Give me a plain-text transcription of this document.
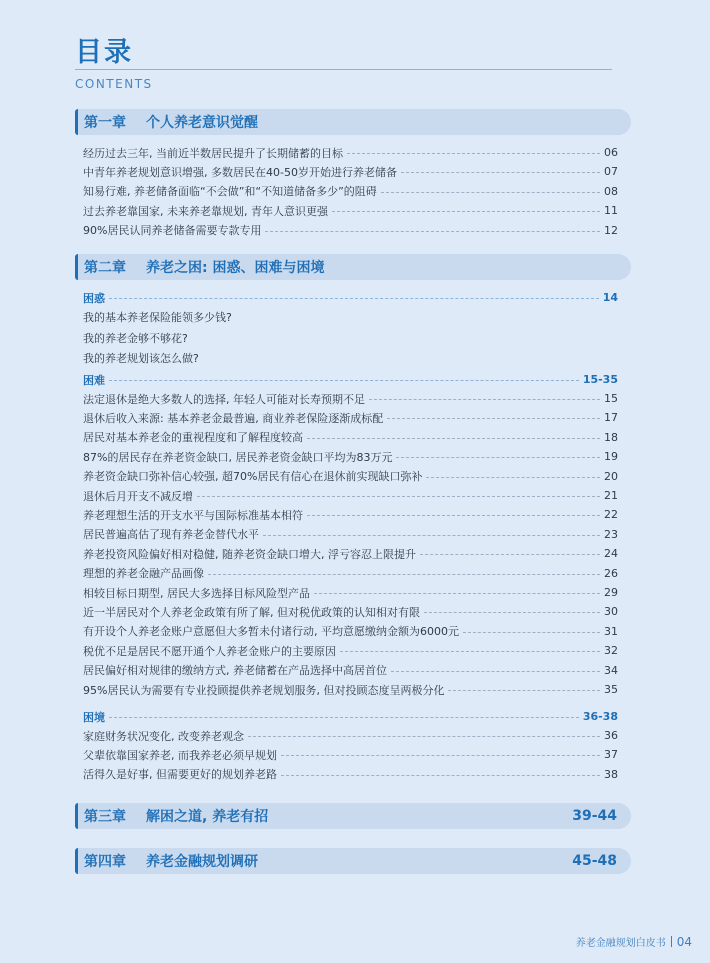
目录
CONTENTS
第一章	个人养老意识觉醒
经历过去三年, 当前近半数居民提升了长期储蓄的目标	06
中青年养老规划意识增强, 多数居民在40-50岁开始进行养老储备	07
知易行难, 养老储备面临“不会做”和“不知道储备多少”的阻碍	08
过去养老靠国家, 未来养老靠规划, 青年人意识更强	11
90%居民认同养老储备需要专款专用	12
第二章	养老之困: 困惑、困难与困境
困惑	14
我的基本养老保险能领多少钱?
我的养老金够不够花?
我的养老规划该怎么做?
困难	15-35
法定退休是绝大多数人的选择, 年轻人可能对长寿预期不足	15
退休后收入来源: 基本养老金最普遍, 商业养老保险逐渐成标配	17
居民对基本养老金的重视程度和了解程度较高	18
87%的居民存在养老资金缺口, 居民养老资金缺口平均为83万元	19
养老资金缺口弥补信心较强, 超70%居民有信心在退休前实现缺口弥补	20
退休后月开支不减反增	21
养老理想生活的开支水平与国际标准基本相符	22
居民普遍高估了现有养老金替代水平	23
养老投资风险偏好相对稳健, 随养老资金缺口增大, 浮亏容忍上限提升	24
理想的养老金融产品画像	26
相较目标日期型, 居民大多选择目标风险型产品	29
近一半居民对个人养老金政策有所了解, 但对税优政策的认知相对有限	30
有开设个人养老金账户意愿但大多暂未付诸行动, 平均意愿缴纳金额为6000元	31
税优不足是居民不愿开通个人养老金账户的主要原因	32
居民偏好相对规律的缴纳方式, 养老储蓄在产品选择中高居首位	34
95%居民认为需要有专业投顾提供养老规划服务, 但对投顾态度呈两极分化	35
困境	36-38
家庭财务状况变化, 改变养老观念	36
父辈依靠国家养老, 而我养老必须早规划	37
活得久是好事, 但需要更好的规划养老路	38
第三章	解困之道, 养老有招	39-44
第四章	养老金融规划调研	45-48
养老金融规划白皮书 04
